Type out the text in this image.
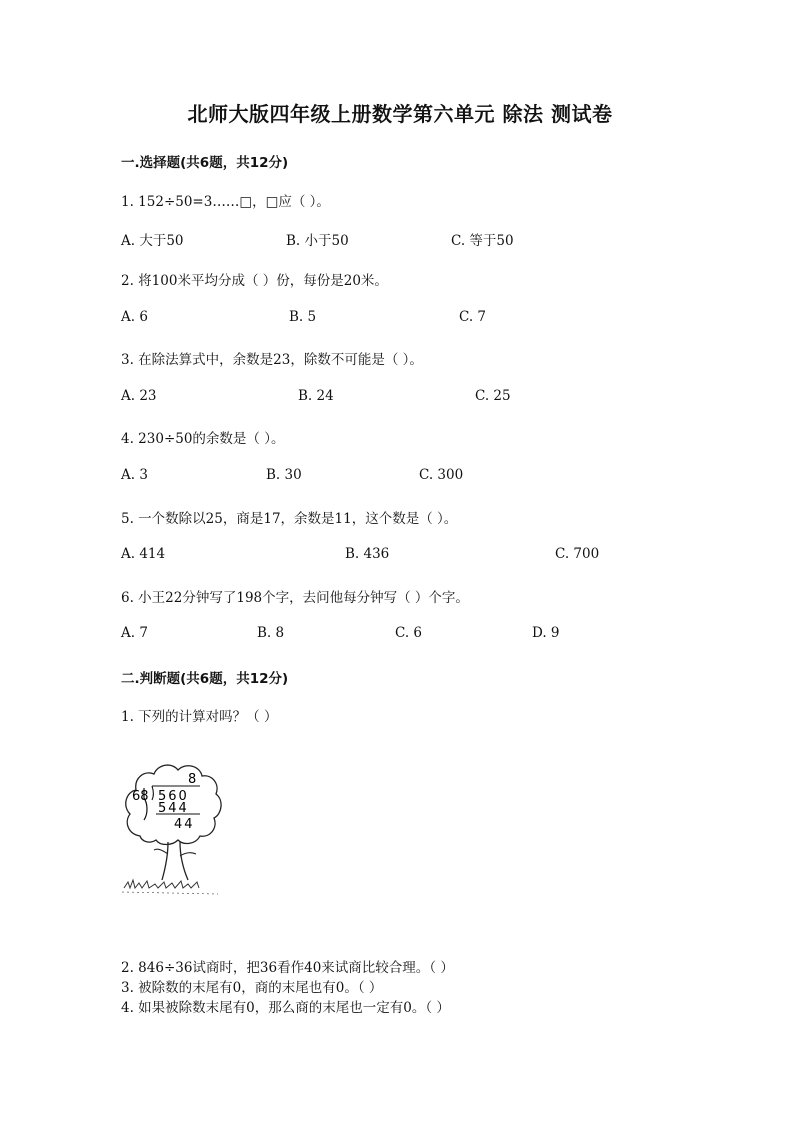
北师大版四年级上册数学第六单元 除法 测试卷
一.选择题(共6题，共12分)
1. 152÷50=3……□，□应（ ）。
A. 大于50	B. 小于50	C. 等于50
2. 将100米平均分成（ ）份，每份是20米。
A. 6	B. 5	C. 7
3. 在除法算式中，余数是23，除数不可能是（ ）。
A. 23	B. 24	C. 25
4. 230÷50的余数是（ ）。
A. 3	B. 30	C. 300
5. 一个数除以25，商是17，余数是11，这个数是（ ）。
A. 414	B. 436	C. 700
6. 小王22分钟写了198个字，去问他每分钟写（ ）个字。
A. 7	B. 8	C. 6	D. 9
二.判断题(共6题，共12分)
1. 下列的计算对吗？（ ）
8
68 560
544
44
2. 846÷36试商时，把36看作40来试商比较合理。（ ）
3. 被除数的末尾有0，商的末尾也有0。（ ）
4. 如果被除数末尾有0，那么商的末尾也一定有0。（ ）
